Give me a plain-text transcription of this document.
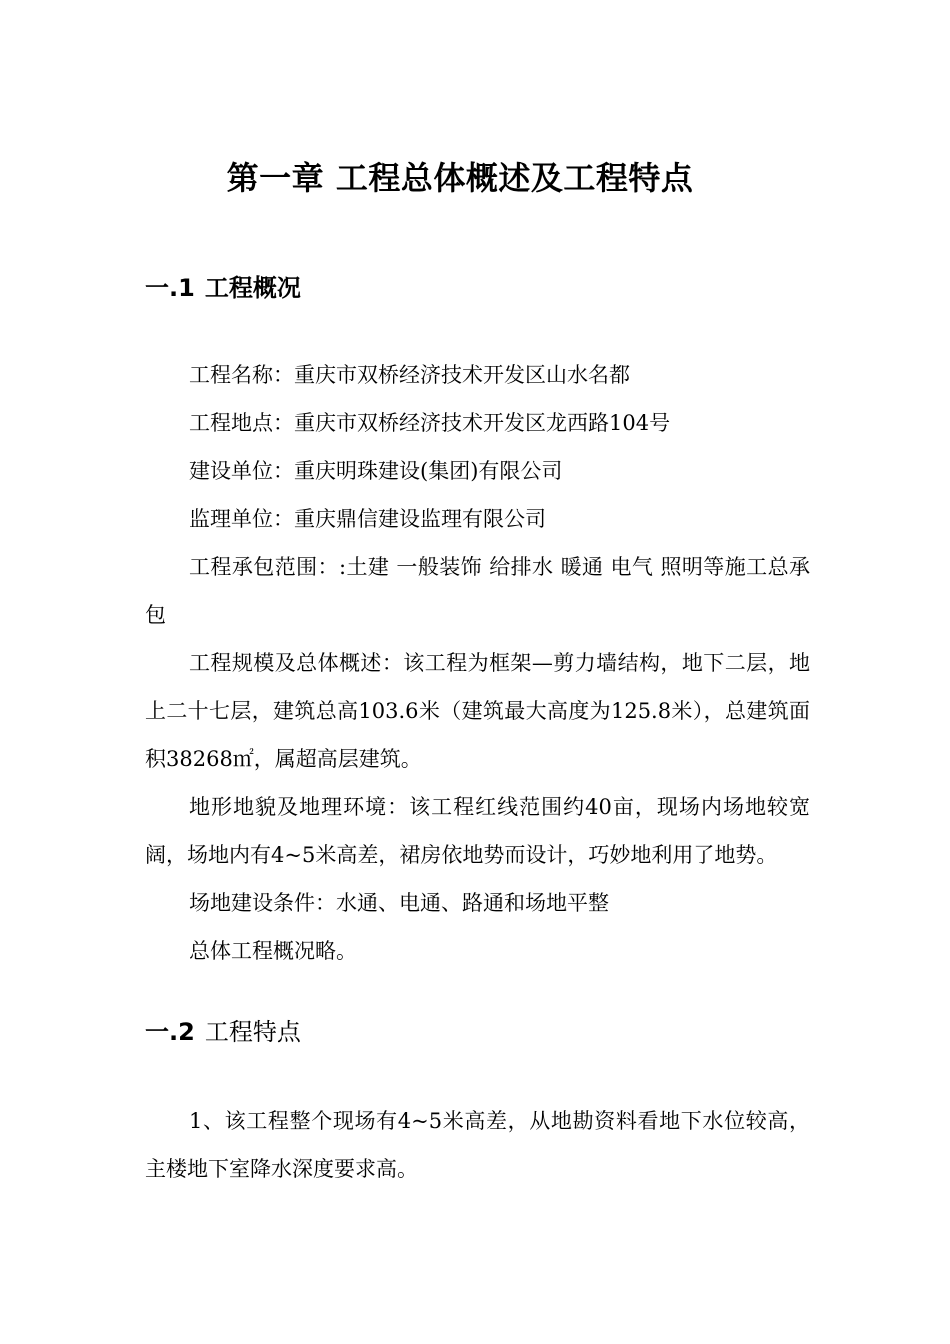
第一章 工程总体概述及工程特点
一.1 工程概况

工程名称：重庆市双桥经济技术开发区山水名都

工程地点：重庆市双桥经济技术开发区龙西路104号

建设单位：重庆明珠建设(集团)有限公司

监理单位：重庆鼎信建设监理有限公司

工程承包范围：:土建 一般装饰 给排水 暖通 电气 照明等施工总承包

工程规模及总体概述：该工程为框架—剪力墙结构，地下二层，地上二十七层，建筑总高103.6米（建筑最大高度为125.8米），总建筑面积38268㎡，属超高层建筑。

地形地貌及地理环境：该工程红线范围约40亩，现场内场地较宽阔，场地内有4~5米高差，裙房依地势而设计，巧妙地利用了地势。

场地建设条件：水通、电通、路通和场地平整

总体工程概况略。

一.2 工程特点

1、该工程整个现场有4~5米高差，从地勘资料看地下水位较高，主楼地下室降水深度要求高。
